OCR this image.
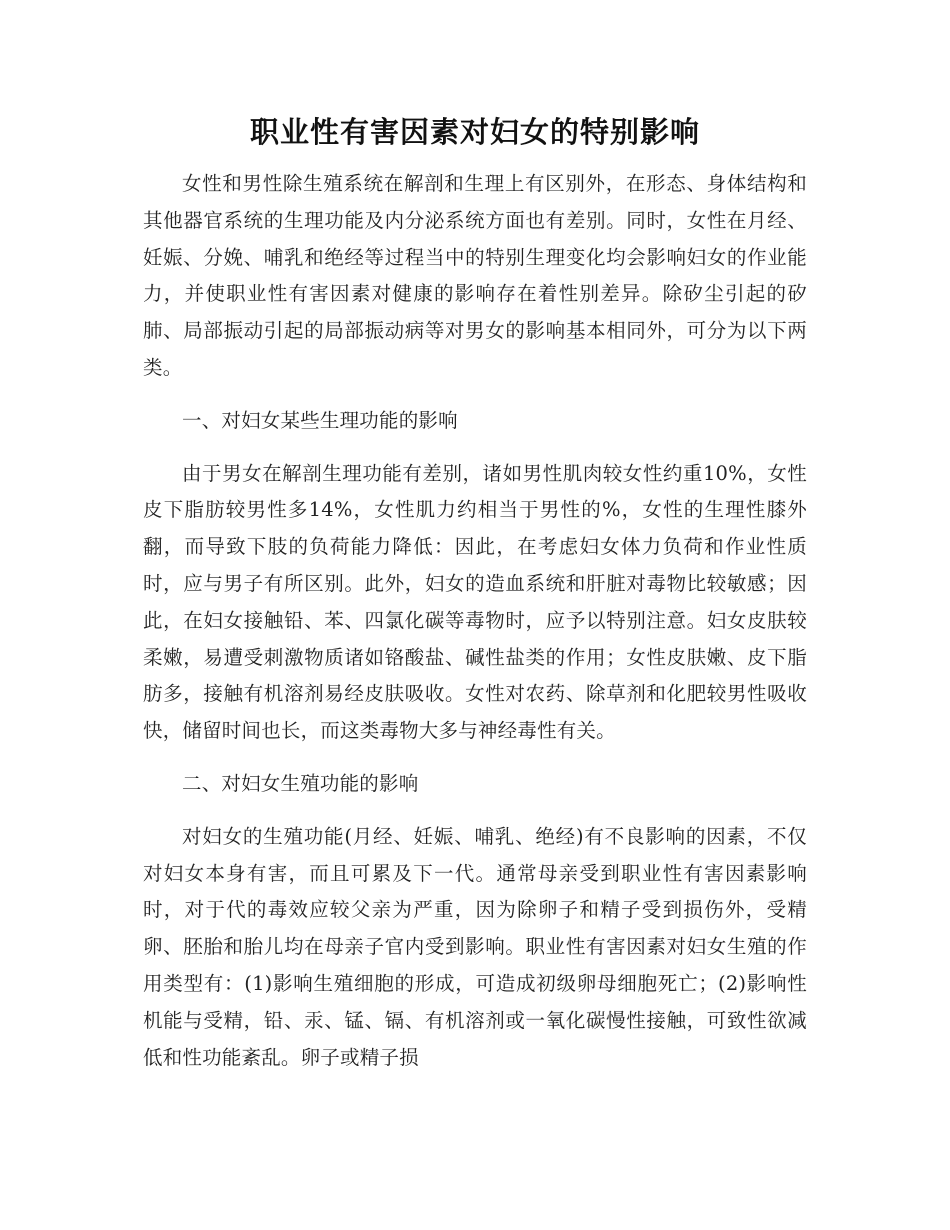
职业性有害因素对妇女的特别影响

女性和男性除生殖系统在解剖和生理上有区别外，在形态、身体结构和其他器官系统的生理功能及内分泌系统方面也有差别。同时，女性在月经、妊娠、分娩、哺乳和绝经等过程当中的特别生理变化均会影响妇女的作业能力，并使职业性有害因素对健康的影响存在着性别差异。除矽尘引起的矽肺、局部振动引起的局部振动病等对男女的影响基本相同外，可分为以下两类。

一、对妇女某些生理功能的影响

由于男女在解剖生理功能有差别，诸如男性肌肉较女性约重10%，女性皮下脂肪较男性多14%，女性肌力约相当于男性的%，女性的生理性膝外翻，而导致下肢的负荷能力降低：因此，在考虑妇女体力负荷和作业性质时，应与男子有所区别。此外，妇女的造血系统和肝脏对毒物比较敏感；因此，在妇女接触铅、苯、四氯化碳等毒物时，应予以特别注意。妇女皮肤较柔嫩，易遭受刺激物质诸如铬酸盐、碱性盐类的作用；女性皮肤嫩、皮下脂肪多，接触有机溶剂易经皮肤吸收。女性对农药、除草剂和化肥较男性吸收快，储留时间也长，而这类毒物大多与神经毒性有关。

二、对妇女生殖功能的影响

对妇女的生殖功能(月经、妊娠、哺乳、绝经)有不良影响的因素，不仅对妇女本身有害，而且可累及下一代。通常母亲受到职业性有害因素影响时，对于代的毒效应较父亲为严重，因为除卵子和精子受到损伤外，受精卵、胚胎和胎儿均在母亲子官内受到影响。职业性有害因素对妇女生殖的作用类型有：(1)影响生殖细胞的形成，可造成初级卵母细胞死亡；(2)影响性机能与受精，铅、汞、锰、镉、有机溶剂或一氧化碳慢性接触，可致性欲减低和性功能紊乱。卵子或精子损
